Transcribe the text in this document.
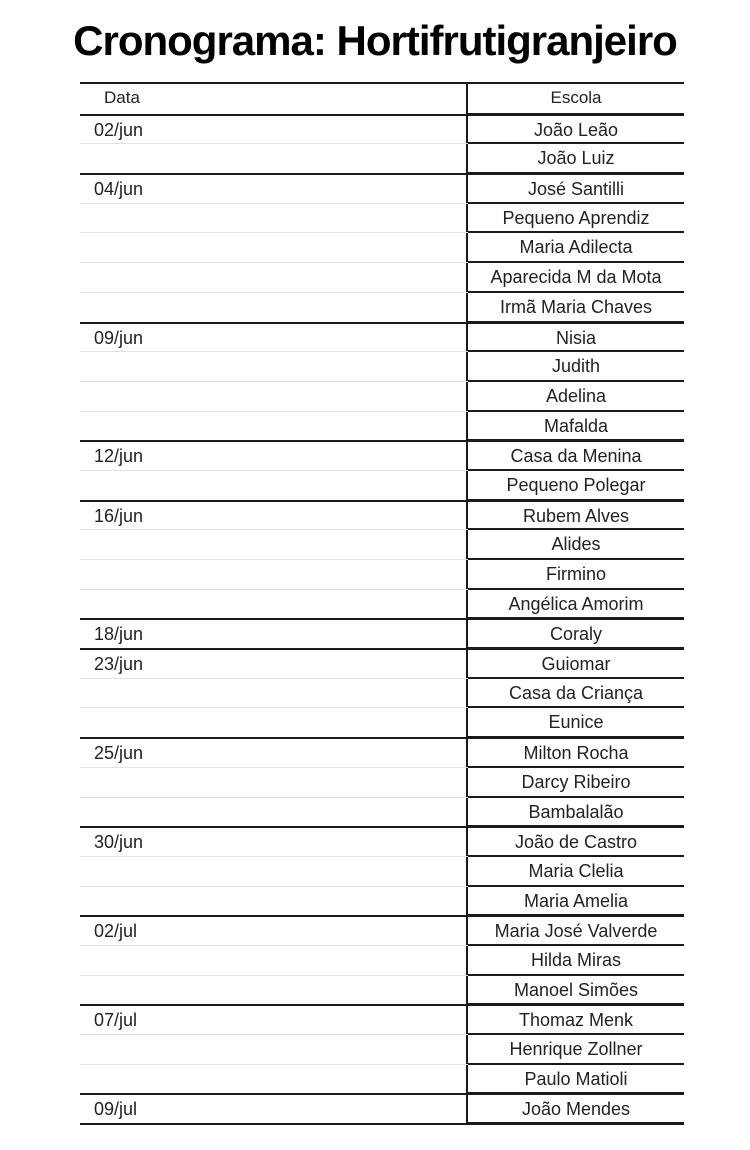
Cronograma: Hortifrutigranjeiro
Data	Escola
02/jun	João Leão
João Luiz
04/jun	José Santilli
Pequeno Aprendiz
Maria Adilecta
Aparecida M da Mota
Irmã Maria Chaves
09/jun	Nisia
Judith
Adelina
Mafalda
12/jun	Casa da Menina
Pequeno Polegar
16/jun	Rubem Alves
Alides
Firmino
Angélica Amorim
18/jun	Coraly
23/jun	Guiomar
Casa da Criança
Eunice
25/jun	Milton Rocha
Darcy Ribeiro
Bambalalão
30/jun	João de Castro
Maria Clelia
Maria Amelia
02/jul	Maria José Valverde
Hilda Miras
Manoel Simões
07/jul	Thomaz Menk
Henrique Zollner
Paulo Matioli
09/jul	João Mendes
